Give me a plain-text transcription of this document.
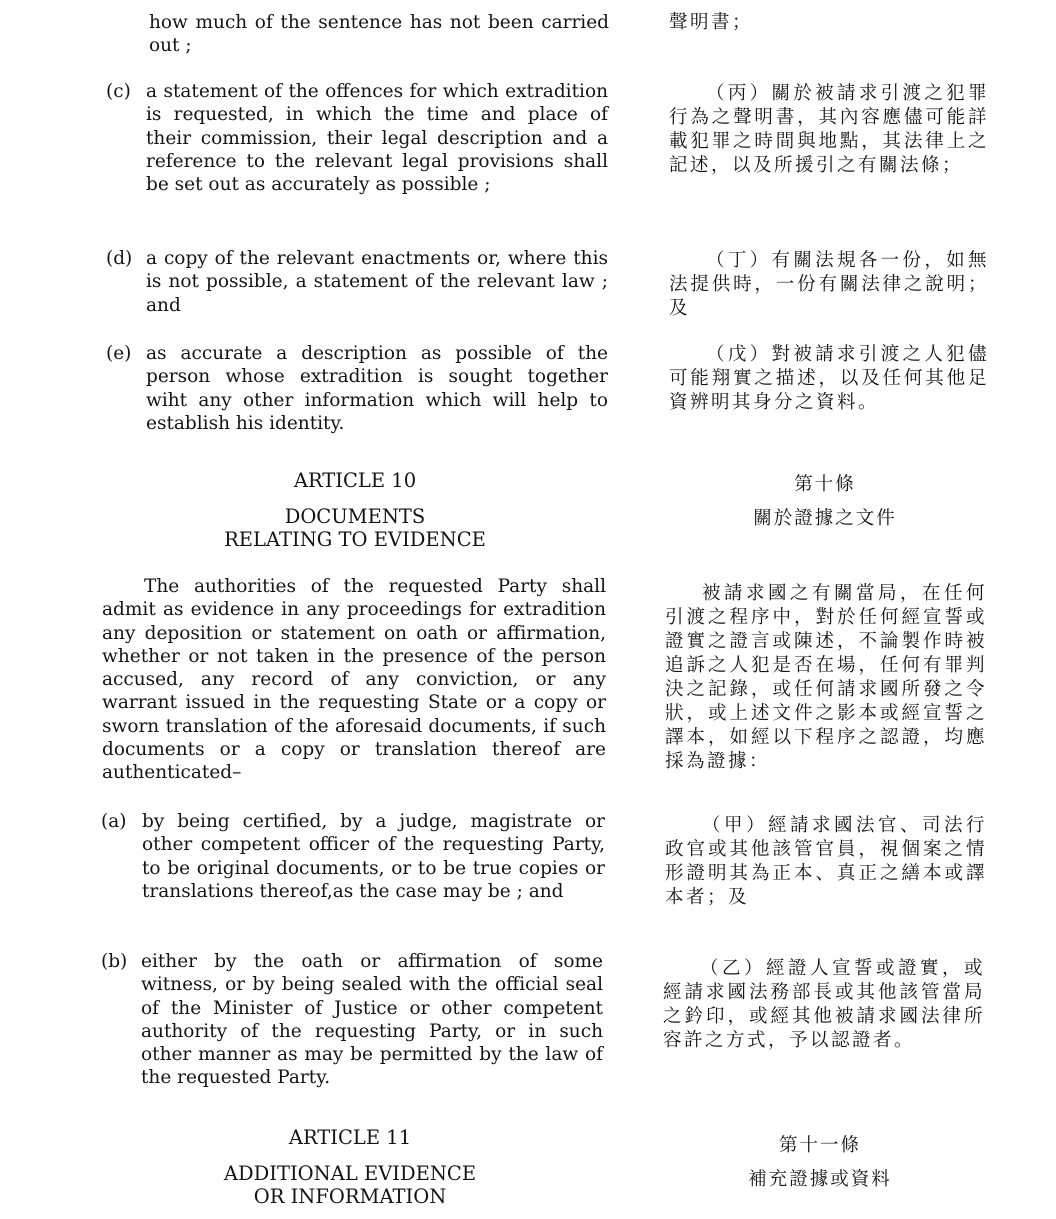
how much of the sentence has not been carried out ;
(c) a statement of the offences for which extradition is requested, in which the time and place of their commission, their legal description and a reference to the relevant legal provisions shall be set out as accurately as possible ;
(d) a copy of the relevant enactments or, where this is not possible, a statement of the relevant law ; and
(e) as accurate a description as possible of the person whose extradition is sought together wiht any other information which will help to establish his identity.
ARTICLE 10
DOCUMENTS
RELATING TO EVIDENCE
The authorities of the requested Party shall admit as evidence in any proceedings for extradition any deposition or statement on oath or affirmation, whether or not taken in the presence of the person accused, any record of any conviction, or any warrant issued in the requesting State or a copy or sworn translation of the aforesaid documents, if such documents or a copy or translation thereof are authenticated–
(a) by being certified, by a judge, magistrate or other competent officer of the requesting Party, to be original documents, or to be true copies or translations thereof,as the case may be ; and
(b) either by the oath or affirmation of some witness, or by being sealed with the official seal of the Minister of Justice or other competent authority of the requesting Party, or in such other manner as may be permitted by the law of the requested Party.
ARTICLE 11
ADDITIONAL EVIDENCE
OR INFORMATION
聲明書；
（丙）關於被請求引渡之犯罪行為之聲明書，其內容應儘可能詳載犯罪之時間與地點，其法律上之記述，以及所援引之有關法條；
（丁）有關法規各一份，如無法提供時，一份有關法律之說明；及
（戊）對被請求引渡之人犯儘可能翔實之描述，以及任何其他足資辨明其身分之資料。
第十條
關於證據之文件
被請求國之有關當局，在任何引渡之程序中，對於任何經宣誓或證實之證言或陳述，不論製作時被追訴之人犯是否在場，任何有罪判決之記錄，或任何請求國所發之令狀，或上述文件之影本或經宣誓之譯本，如經以下程序之認證，均應採為證據：
（甲）經請求國法官、司法行政官或其他該管官員，視個案之情形證明其為正本、真正之繕本或譯本者；及
（乙）經證人宣誓或證實，或經請求國法務部長或其他該管當局之鈐印，或經其他被請求國法律所容許之方式，予以認證者。
第十一條
補充證據或資料
